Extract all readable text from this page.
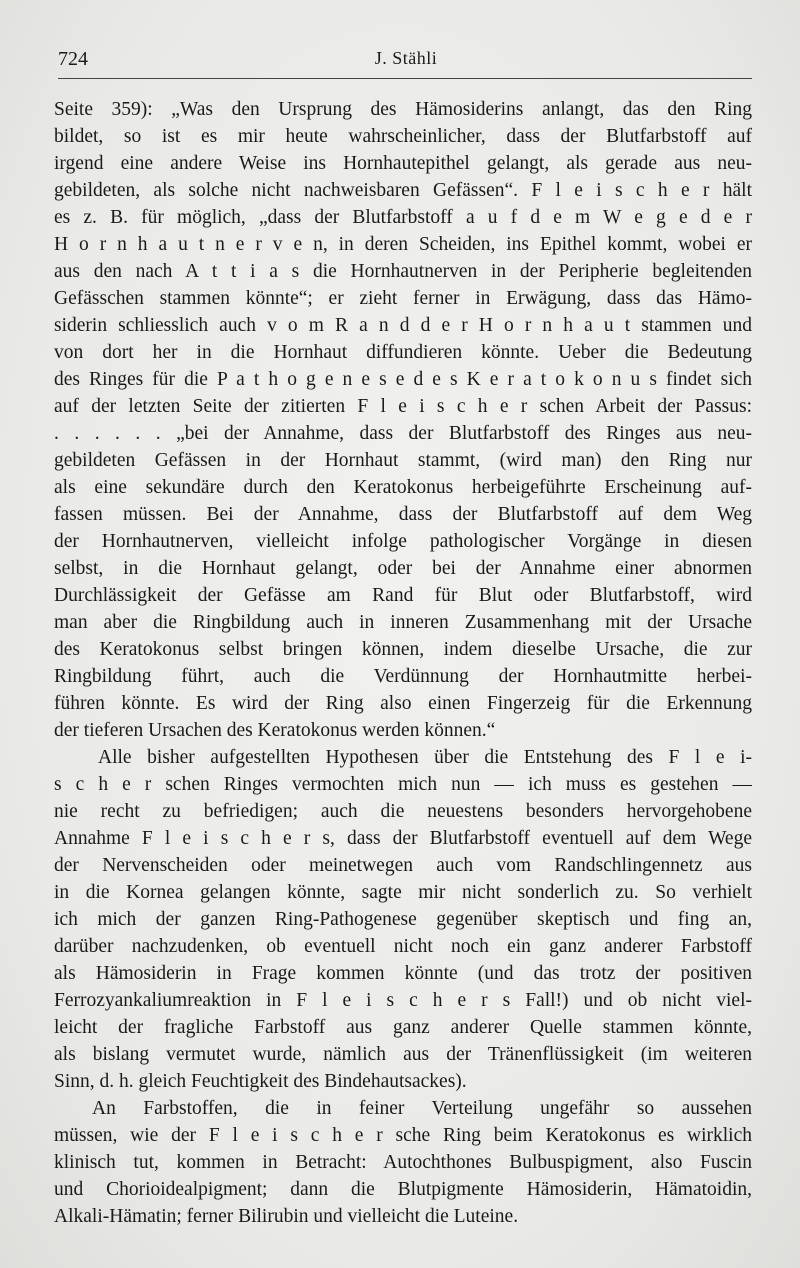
724	J. Stähli
Seite 359): „Was den Ursprung des Hämosiderins anlangt, das den Ring
bildet, so ist es mir heute wahrscheinlicher, dass der Blutfarbstoff auf
irgend eine andere Weise ins Hornhautepithel gelangt, als gerade aus neu-
gebildeten, als solche nicht nachweisbaren Gefässen“. F l e i s c h e r hält
es z. B. für möglich, „dass der Blutfarbstoff a u f d e m W e g e d e r
H o r n h a u t n e r v e n, in deren Scheiden, ins Epithel kommt, wobei er
aus den nach A t t i a s die Hornhautnerven in der Peripherie begleitenden
Gefässchen stammen könnte“; er zieht ferner in Erwägung, dass das Hämo-
siderin schliesslich auch v o m R a n d d e r H o r n h a u t stammen und
von dort her in die Hornhaut diffundieren könnte. Ueber die Bedeutung
des Ringes für die P a t h o g e n e s e d e s K e r a t o k o n u s findet sich
auf der letzten Seite der zitierten F l e i s c h e r schen Arbeit der Passus:
. . . . . . „bei der Annahme, dass der Blutfarbstoff des Ringes aus neu-
gebildeten Gefässen in der Hornhaut stammt, (wird man) den Ring nur
als eine sekundäre durch den Keratokonus herbeigeführte Erscheinung auf-
fassen müssen. Bei der Annahme, dass der Blutfarbstoff auf dem Weg
der Hornhautnerven, vielleicht infolge pathologischer Vorgänge in diesen
selbst, in die Hornhaut gelangt, oder bei der Annahme einer abnormen
Durchlässigkeit der Gefässe am Rand für Blut oder Blutfarbstoff, wird
man aber die Ringbildung auch in inneren Zusammenhang mit der Ursache
des Keratokonus selbst bringen können, indem dieselbe Ursache, die zur
Ringbildung führt, auch die Verdünnung der Hornhautmitte herbei-
führen könnte. Es wird der Ring also einen Fingerzeig für die Erkennung
der tieferen Ursachen des Keratokonus werden können.“
Alle bisher aufgestellten Hypothesen über die Entstehung des F l e i-
s c h e r schen Ringes vermochten mich nun — ich muss es gestehen —
nie recht zu befriedigen; auch die neuestens besonders hervorgehobene
Annahme F l e i s c h e r s, dass der Blutfarbstoff eventuell auf dem Wege
der Nervenscheiden oder meinetwegen auch vom Randschlingennetz aus
in die Kornea gelangen könnte, sagte mir nicht sonderlich zu. So verhielt
ich mich der ganzen Ring-Pathogenese gegenüber skeptisch und fing an,
darüber nachzudenken, ob eventuell nicht noch ein ganz anderer Farbstoff
als Hämosiderin in Frage kommen könnte (und das trotz der positiven
Ferrozyankaliumreaktion in F l e i s c h e r s Fall!) und ob nicht viel-
leicht der fragliche Farbstoff aus ganz anderer Quelle stammen könnte,
als bislang vermutet wurde, nämlich aus der Tränenflüssigkeit (im weiteren
Sinn, d. h. gleich Feuchtigkeit des Bindehautsackes).
An Farbstoffen, die in feiner Verteilung ungefähr so aussehen
müssen, wie der F l e i s c h e r sche Ring beim Keratokonus es wirklich
klinisch tut, kommen in Betracht: Autochthones Bulbuspigment, also Fuscin
und Chorioidealpigment; dann die Blutpigmente Hämosiderin, Hämatoidin,
Alkali-Hämatin; ferner Bilirubin und vielleicht die Luteine.
